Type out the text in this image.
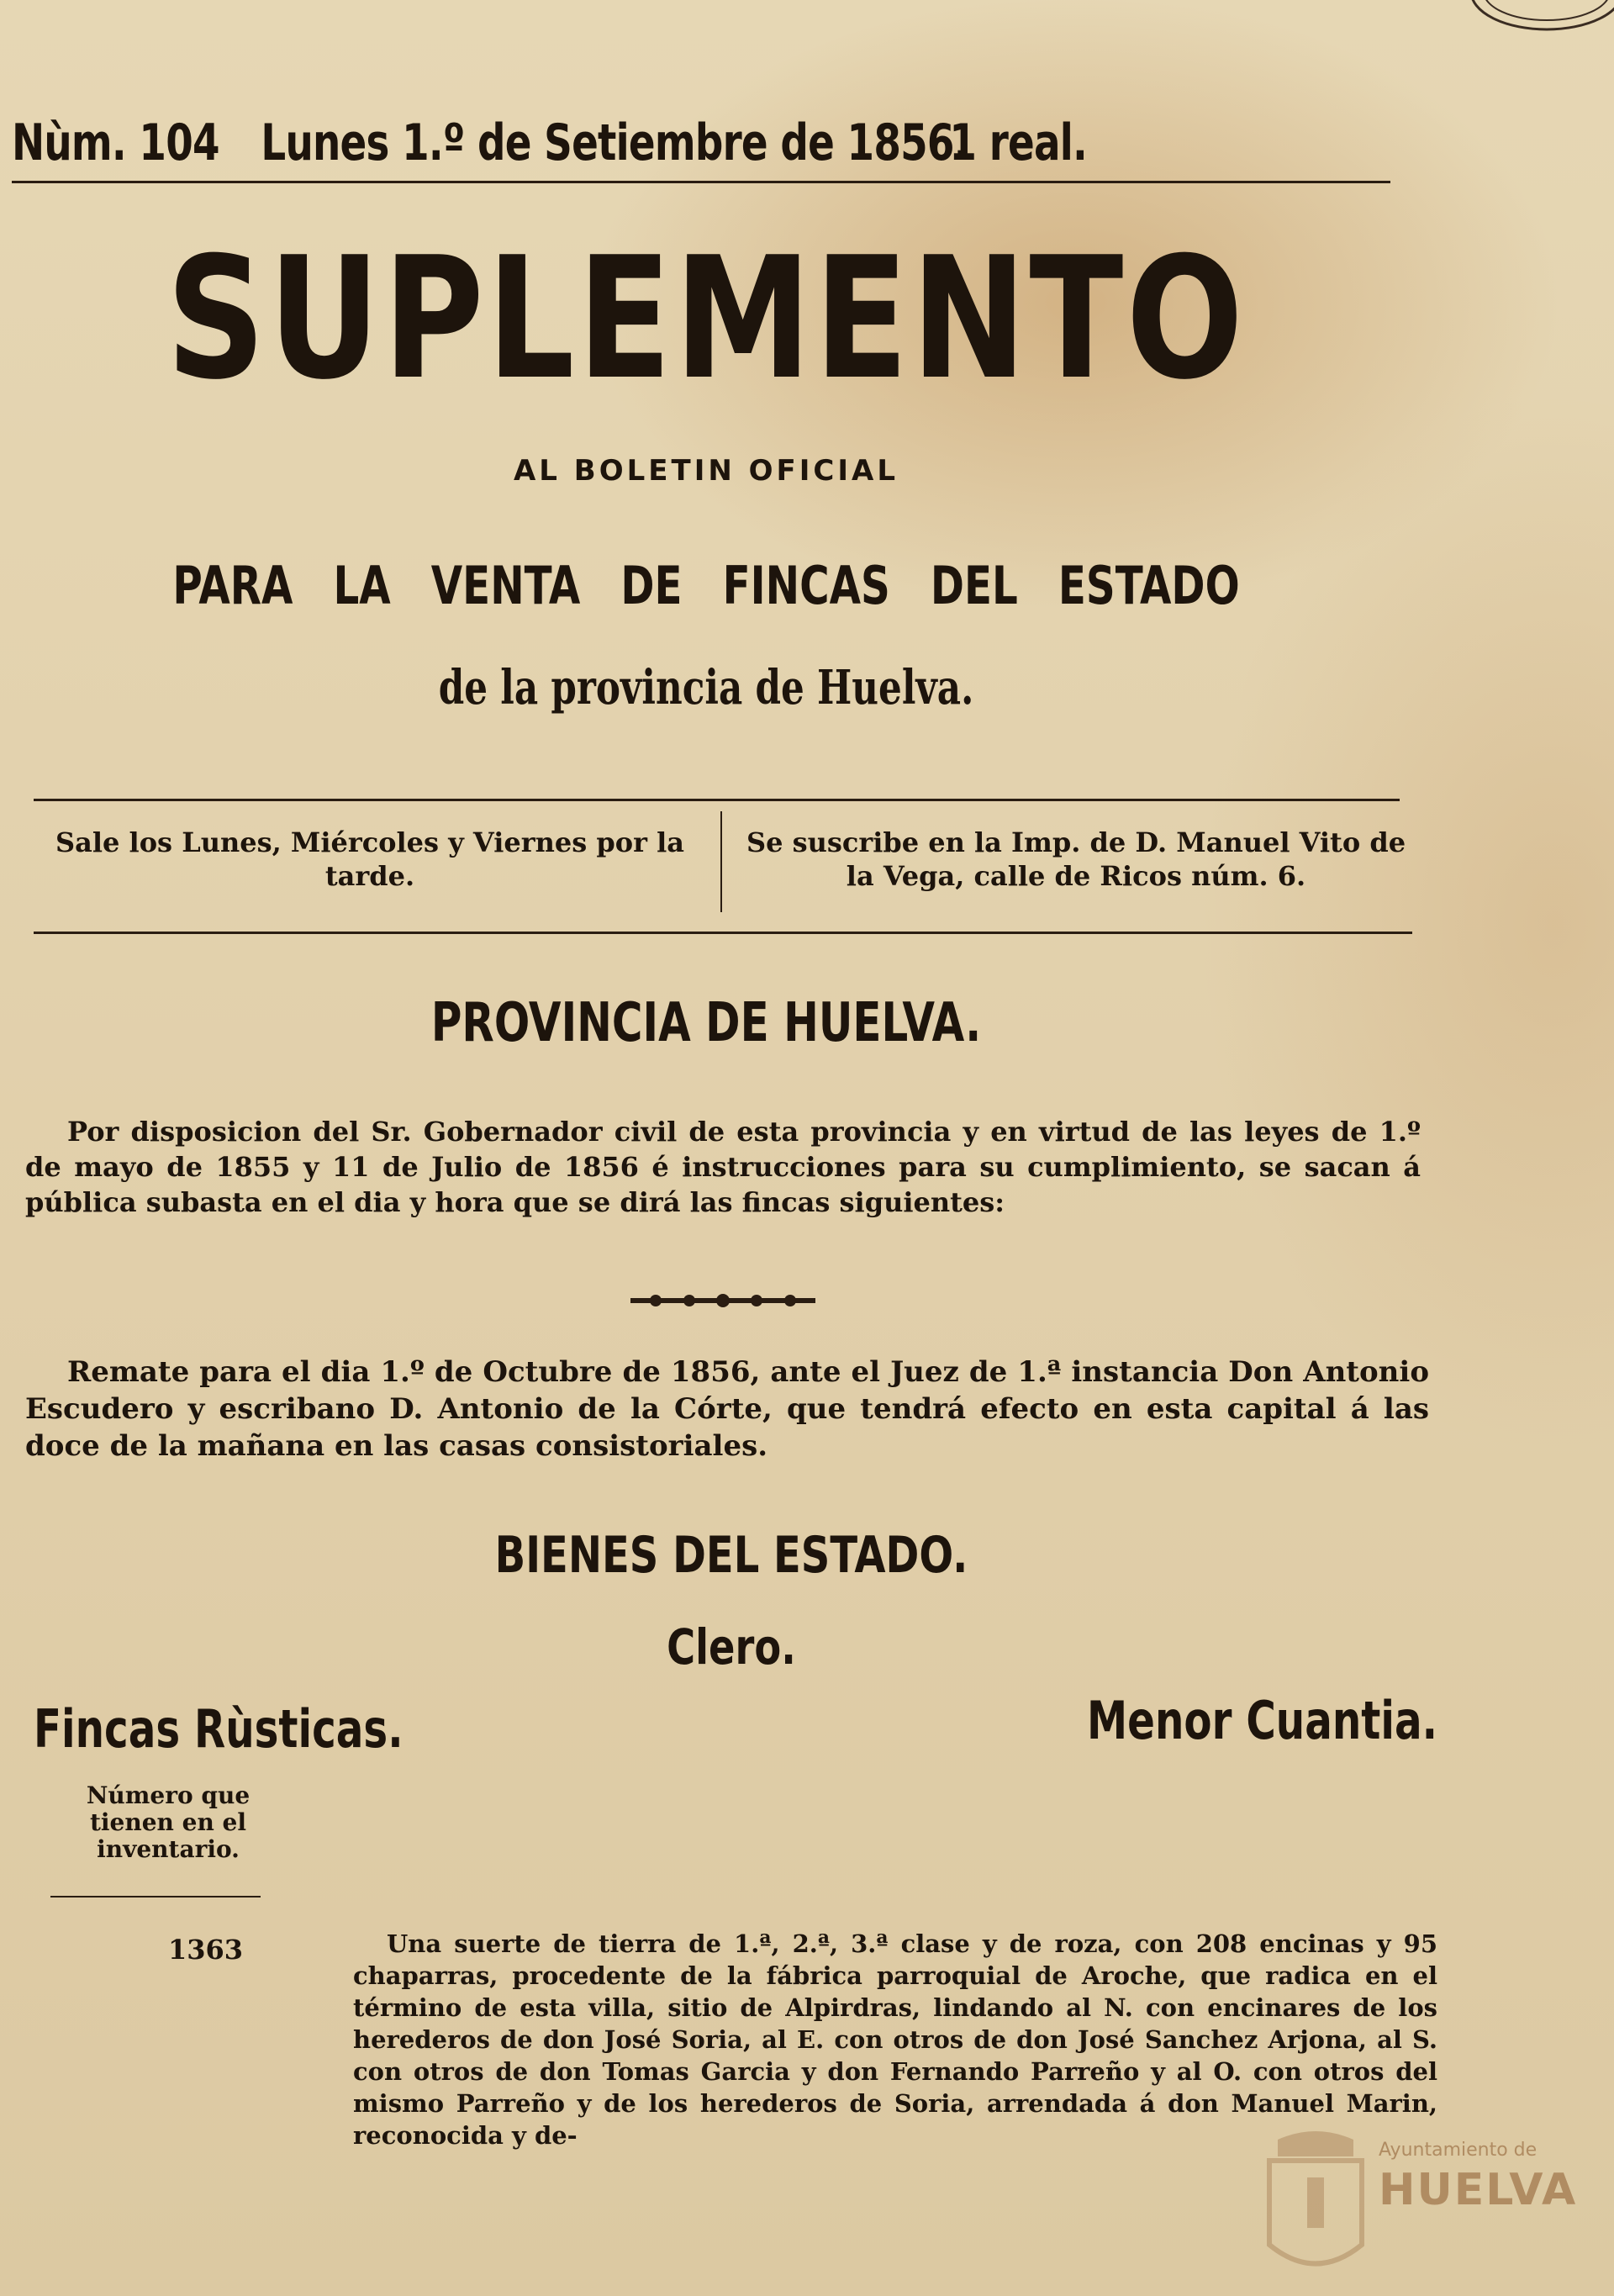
Nùm. 104 Lunes 1.º de Setiembre de 1856.1 real.
SUPLEMENTO
AL BOLETIN OFICIAL
PARA LA VENTA DE FINCAS DEL ESTADO
de la provincia de Huelva.
Sale los Lunes, Miércoles y Viernes por la tarde.
Se suscribe en la Imp. de D. Manuel Vito de la Vega, calle de Ricos núm. 6.
PROVINCIA DE HUELVA.
Por disposicion del Sr. Gobernador civil de esta provincia y en virtud de las leyes de 1.º de mayo de 1855 y 11 de Julio de 1856 é instrucciones para su cumplimiento, se sacan á pública subasta en el dia y hora que se dirá las fincas siguientes:
Remate para el dia 1.º de Octubre de 1856, ante el Juez de 1.ª instancia Don Antonio Escudero y escribano D. Antonio de la Córte, que tendrá efecto en esta capital á las doce de la mañana en las casas consistoriales.
BIENES DEL ESTADO.
Clero.
Fincas Rùsticas.	Menor Cuantia.
Número que tienen en el inventario.
1363	Una suerte de tierra de 1.ª, 2.ª, 3.ª clase y de roza, con 208 encinas y 95 chaparras, procedente de la fábrica parroquial de Aroche, que radica en el término de esta villa, sitio de Alpirdras, lindando al N. con encinares de los herederos de don José Soria, al E. con otros de don José Sanchez Arjona, al S. con otros de don Tomas Garcia y don Fernando Parreño y al O. con otros del mismo Parreño y de los herederos de Soria, arrendada á don Manuel Marin, reconocida y de-
Ayuntamiento de
HUELVA
